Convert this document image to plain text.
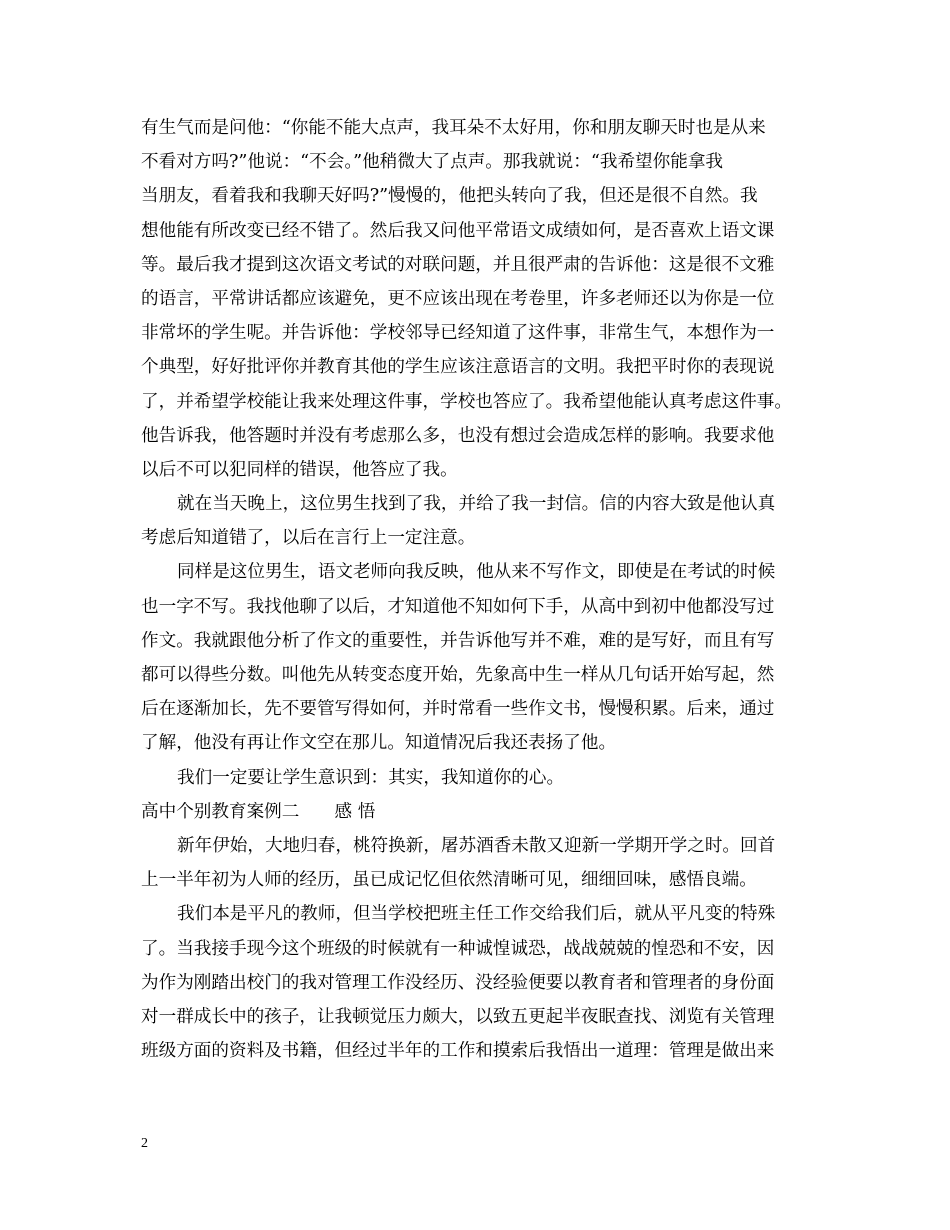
有生气而是问他：“你能不能大点声，我耳朵不太好用，你和朋友聊天时也是从来
不看对方吗?”他说：“不会。”他稍微大了点声。那我就说：“我希望你能拿我
当朋友，看着我和我聊天好吗?”慢慢的，他把头转向了我，但还是很不自然。我
想他能有所改变已经不错了。然后我又问他平常语文成绩如何，是否喜欢上语文课
等。最后我才提到这次语文考试的对联问题，并且很严肃的告诉他：这是很不文雅
的语言，平常讲话都应该避免，更不应该出现在考卷里，许多老师还以为你是一位
非常坏的学生呢。并告诉他：学校邻导已经知道了这件事，非常生气，本想作为一
个典型，好好批评你并教育其他的学生应该注意语言的文明。我把平时你的表现说
了，并希望学校能让我来处理这件事，学校也答应了。我希望他能认真考虑这件事。
他告诉我，他答题时并没有考虑那么多，也没有想过会造成怎样的影响。我要求他
以后不可以犯同样的错误，他答应了我。
就在当天晚上，这位男生找到了我，并给了我一封信。信的内容大致是他认真
考虑后知道错了，以后在言行上一定注意。
同样是这位男生，语文老师向我反映，他从来不写作文，即使是在考试的时候
也一字不写。我找他聊了以后，才知道他不知如何下手，从高中到初中他都没写过
作文。我就跟他分析了作文的重要性，并告诉他写并不难，难的是写好，而且有写
都可以得些分数。叫他先从转变态度开始，先象高中生一样从几句话开始写起，然
后在逐渐加长，先不要管写得如何，并时常看一些作文书，慢慢积累。后来，通过
了解，他没有再让作文空在那儿。知道情况后我还表扬了他。
我们一定要让学生意识到：其实，我知道你的心。
高中个别教育案例二　　感 悟
新年伊始，大地归春，桃符换新，屠苏酒香未散又迎新一学期开学之时。回首
上一半年初为人师的经历，虽已成记忆但依然清晰可见，细细回味，感悟良端。
我们本是平凡的教师，但当学校把班主任工作交给我们后，就从平凡变的特殊
了。当我接手现今这个班级的时候就有一种诚惶诚恐，战战兢兢的惶恐和不安，因
为作为刚踏出校门的我对管理工作没经历、没经验便要以教育者和管理者的身份面
对一群成长中的孩子，让我顿觉压力颇大，以致五更起半夜眠查找、浏览有关管理
班级方面的资料及书籍，但经过半年的工作和摸索后我悟出一道理：管理是做出来
2
